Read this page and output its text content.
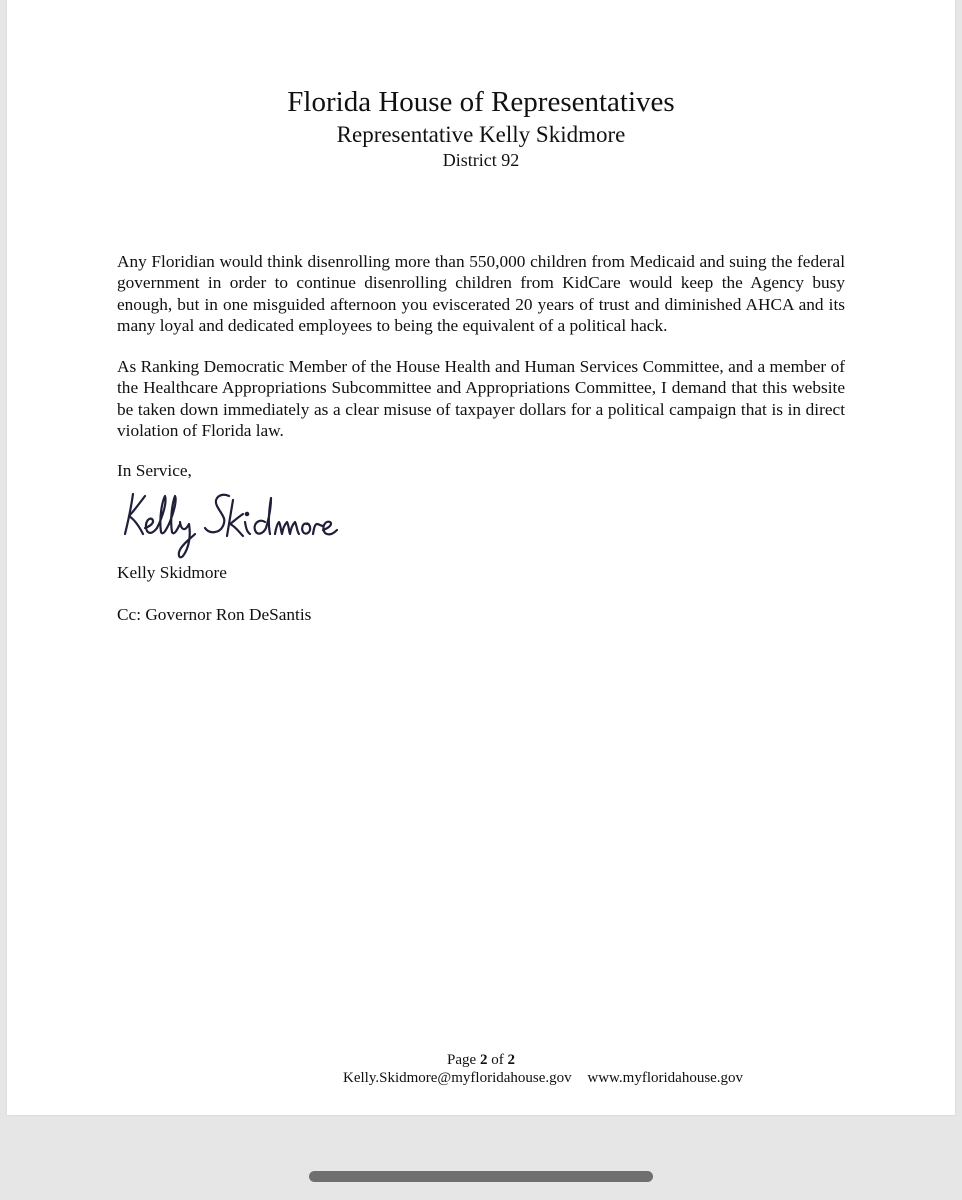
Florida House of Representatives
Representative Kelly Skidmore
District 92

Any Floridian would think disenrolling more than 550,000 children from Medicaid and suing the federal government in order to continue disenrolling children from KidCare would keep the Agency busy enough, but in one misguided afternoon you eviscerated 20 years of trust and diminished AHCA and its many loyal and dedicated employees to being the equivalent of a political hack.

As Ranking Democratic Member of the House Health and Human Services Committee, and a member of the Healthcare Appropriations Subcommittee and Appropriations Committee, I demand that this website be taken down immediately as a clear misuse of taxpayer dollars for a political campaign that is in direct violation of Florida law.

In Service,

Kelly Skidmore

Cc: Governor Ron DeSantis

Page 2 of 2
Kelly.Skidmore@myfloridahouse.gov www.myfloridahouse.gov
